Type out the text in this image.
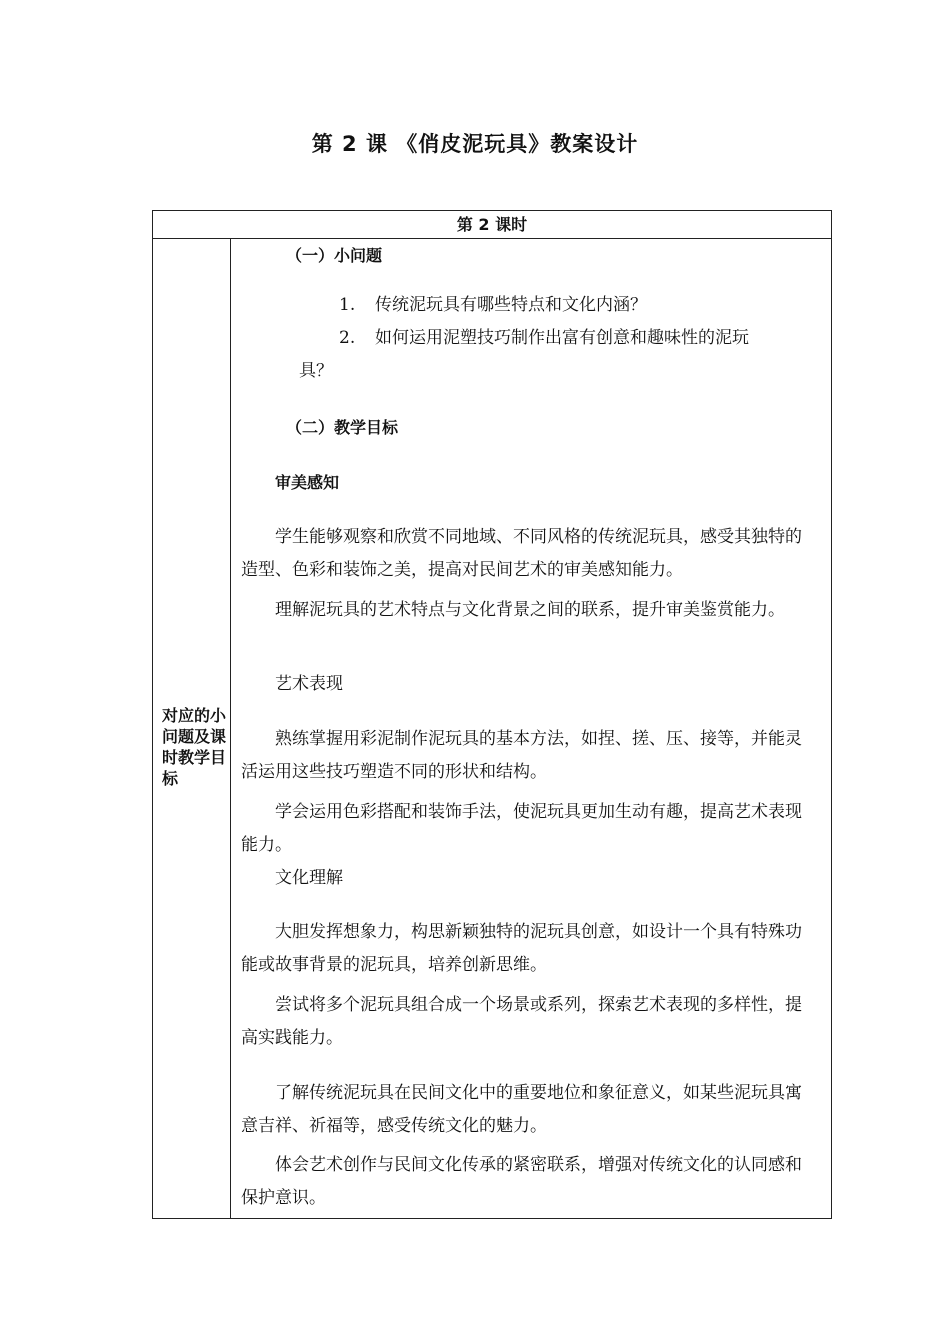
第 2 课 《俏皮泥玩具》教案设计
第 2 课时
对应的小问题及课时教学目标
（一）小问题
1. 传统泥玩具有哪些特点和文化内涵？
2. 如何运用泥塑技巧制作出富有创意和趣味性的泥玩
具？
（二）教学目标
审美感知
学生能够观察和欣赏不同地域、不同风格的传统泥玩具，感受其独特的造型、色彩和装饰之美，提高对民间艺术的审美感知能力。
理解泥玩具的艺术特点与文化背景之间的联系，提升审美鉴赏能力。
艺术表现
熟练掌握用彩泥制作泥玩具的基本方法，如捏、搓、压、接等，并能灵活运用这些技巧塑造不同的形状和结构。
学会运用色彩搭配和装饰手法，使泥玩具更加生动有趣，提高艺术表现能力。
文化理解
大胆发挥想象力，构思新颖独特的泥玩具创意，如设计一个具有特殊功能或故事背景的泥玩具，培养创新思维。
尝试将多个泥玩具组合成一个场景或系列，探索艺术表现的多样性，提高实践能力。
了解传统泥玩具在民间文化中的重要地位和象征意义，如某些泥玩具寓意吉祥、祈福等，感受传统文化的魅力。
体会艺术创作与民间文化传承的紧密联系，增强对传统文化的认同感和保护意识。
